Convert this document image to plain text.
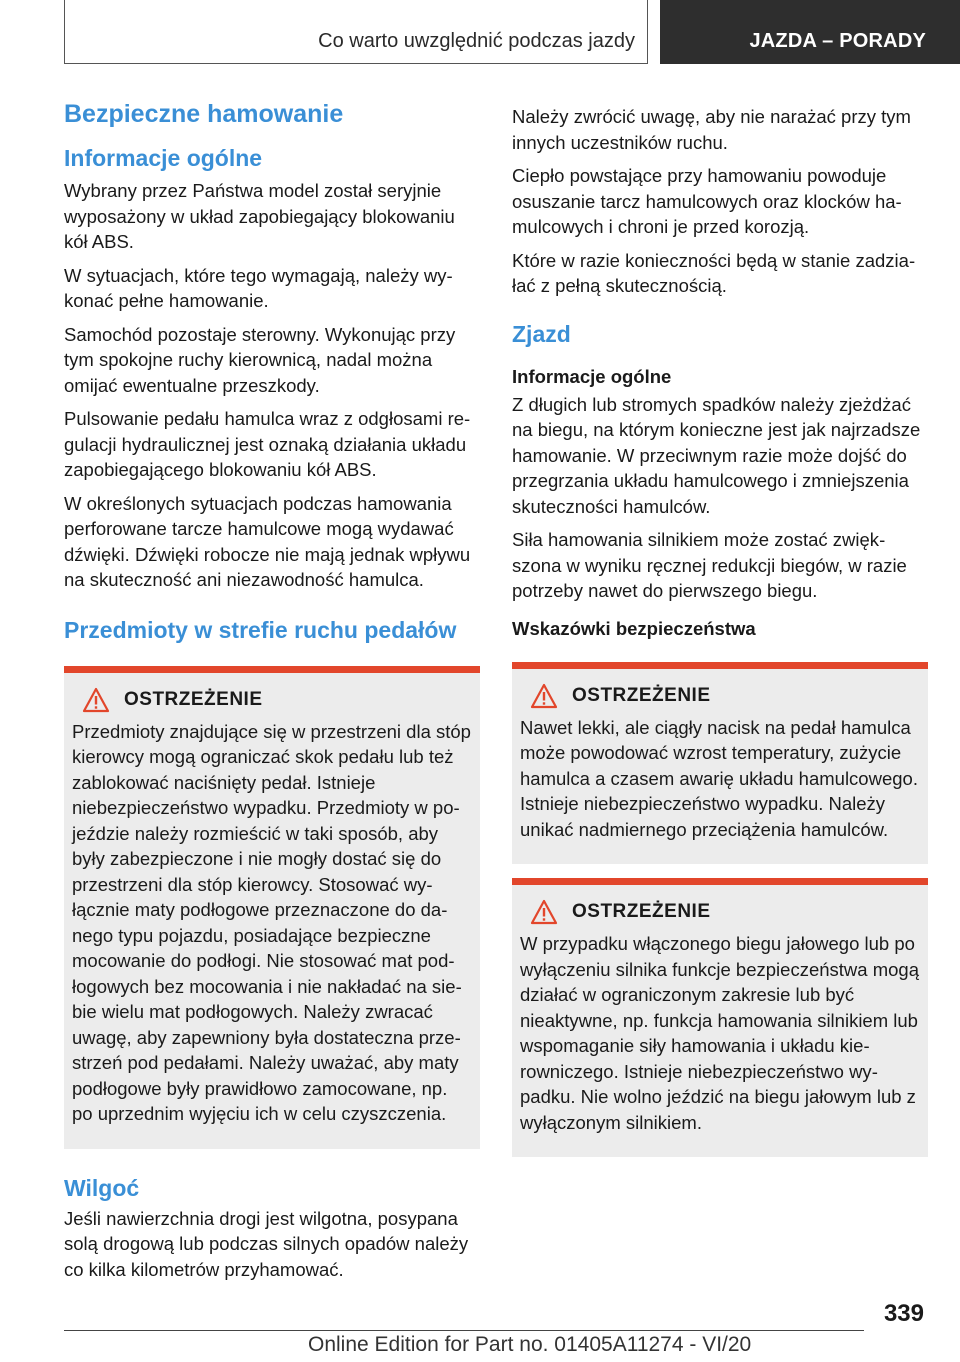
Co warto uwzględnić podczas jazdy	JAZDA – PORADY
Bezpieczne hamowanie
Informacje ogólne

Wybrany przez Państwa model został seryjnie wyposażony w układ zapobiegający blokowaniu kół ABS.

W sytuacjach, które tego wymagają, należy wykonać pełne hamowanie.

Samochód pozostaje sterowny. Wykonując przy tym spokojne ruchy kierownicą, nadal można omijać ewentualne przeszkody.

Pulsowanie pedału hamulca wraz z odgłosami regulacji hydraulicznej jest oznaką działania układu zapobiegającego blokowaniu kół ABS.

W określonych sytuacjach podczas hamowania perforowane tarcze hamulcowe mogą wydawać dźwięki. Dźwięki robocze nie mają jednak wpływu na skuteczność ani niezawodność hamulca.

Przedmioty w strefie ruchu pedałów
OSTRZEŻENIE

Przedmioty znajdujące się w przestrzeni dla stóp kierowcy mogą ograniczać skok pedału lub też zablokować naciśnięty pedał. Istnieje niebezpieczeństwo wypadku. Przedmioty w pojeździe należy rozmieścić w taki sposób, aby były zabezpieczone i nie mogły dostać się do przestrzeni dla stóp kierowcy. Stosować wyłącznie maty podłogowe przeznaczone do danego typu pojazdu, posiadające bezpieczne mocowanie do podłogi. Nie stosować mat podłogowych bez mocowania i nie nakładać na siebie wielu mat podłogowych. Należy zwracać uwagę, aby zapewniony była dostateczna przestrzeń pod pedałami. Należy uważać, aby maty podłogowe były prawidłowo zamocowane, np. po uprzednim wyjęciu ich w celu czyszczenia.

Wilgoć

Jeśli nawierzchnia drogi jest wilgotna, posypana solą drogową lub podczas silnych opadów należy co kilka kilometrów przyhamować.

Należy zwrócić uwagę, aby nie narażać przy tym innych uczestników ruchu.

Ciepło powstające przy hamowaniu powoduje osuszanie tarcz hamulcowych oraz klocków hamulcowych i chroni je przed korozją.

Które w razie konieczności będą w stanie zadziałać z pełną skutecznością.

Zjazd
Informacje ogólne

Z długich lub stromych spadków należy zjeżdżać na biegu, na którym konieczne jest jak najrzadsze hamowanie. W przeciwnym razie może dojść do przegrzania układu hamulcowego i zmniejszenia skuteczności hamulców.

Siła hamowania silnikiem może zostać zwiększona w wyniku ręcznej redukcji biegów, w razie potrzeby nawet do pierwszego biegu.

Wskazówki bezpieczeństwa
OSTRZEŻENIE

Nawet lekki, ale ciągły nacisk na pedał hamulca może powodować wzrost temperatury, zużycie hamulca a czasem awarię układu hamulcowego. Istnieje niebezpieczeństwo wypadku. Należy unikać nadmiernego przeciążenia hamulców.

OSTRZEŻENIE

W przypadku włączonego biegu jałowego lub po wyłączeniu silnika funkcje bezpieczeństwa mogą działać w ograniczonym zakresie lub być nieaktywne, np. funkcja hamowania silnikiem lub wspomaganie siły hamowania i układu kierowniczego. Istnieje niebezpieczeństwo wypadku. Nie wolno jeździć na biegu jałowym lub z wyłączonym silnikiem.

339
Online Edition for Part no. 01405A11274 - VI/20
